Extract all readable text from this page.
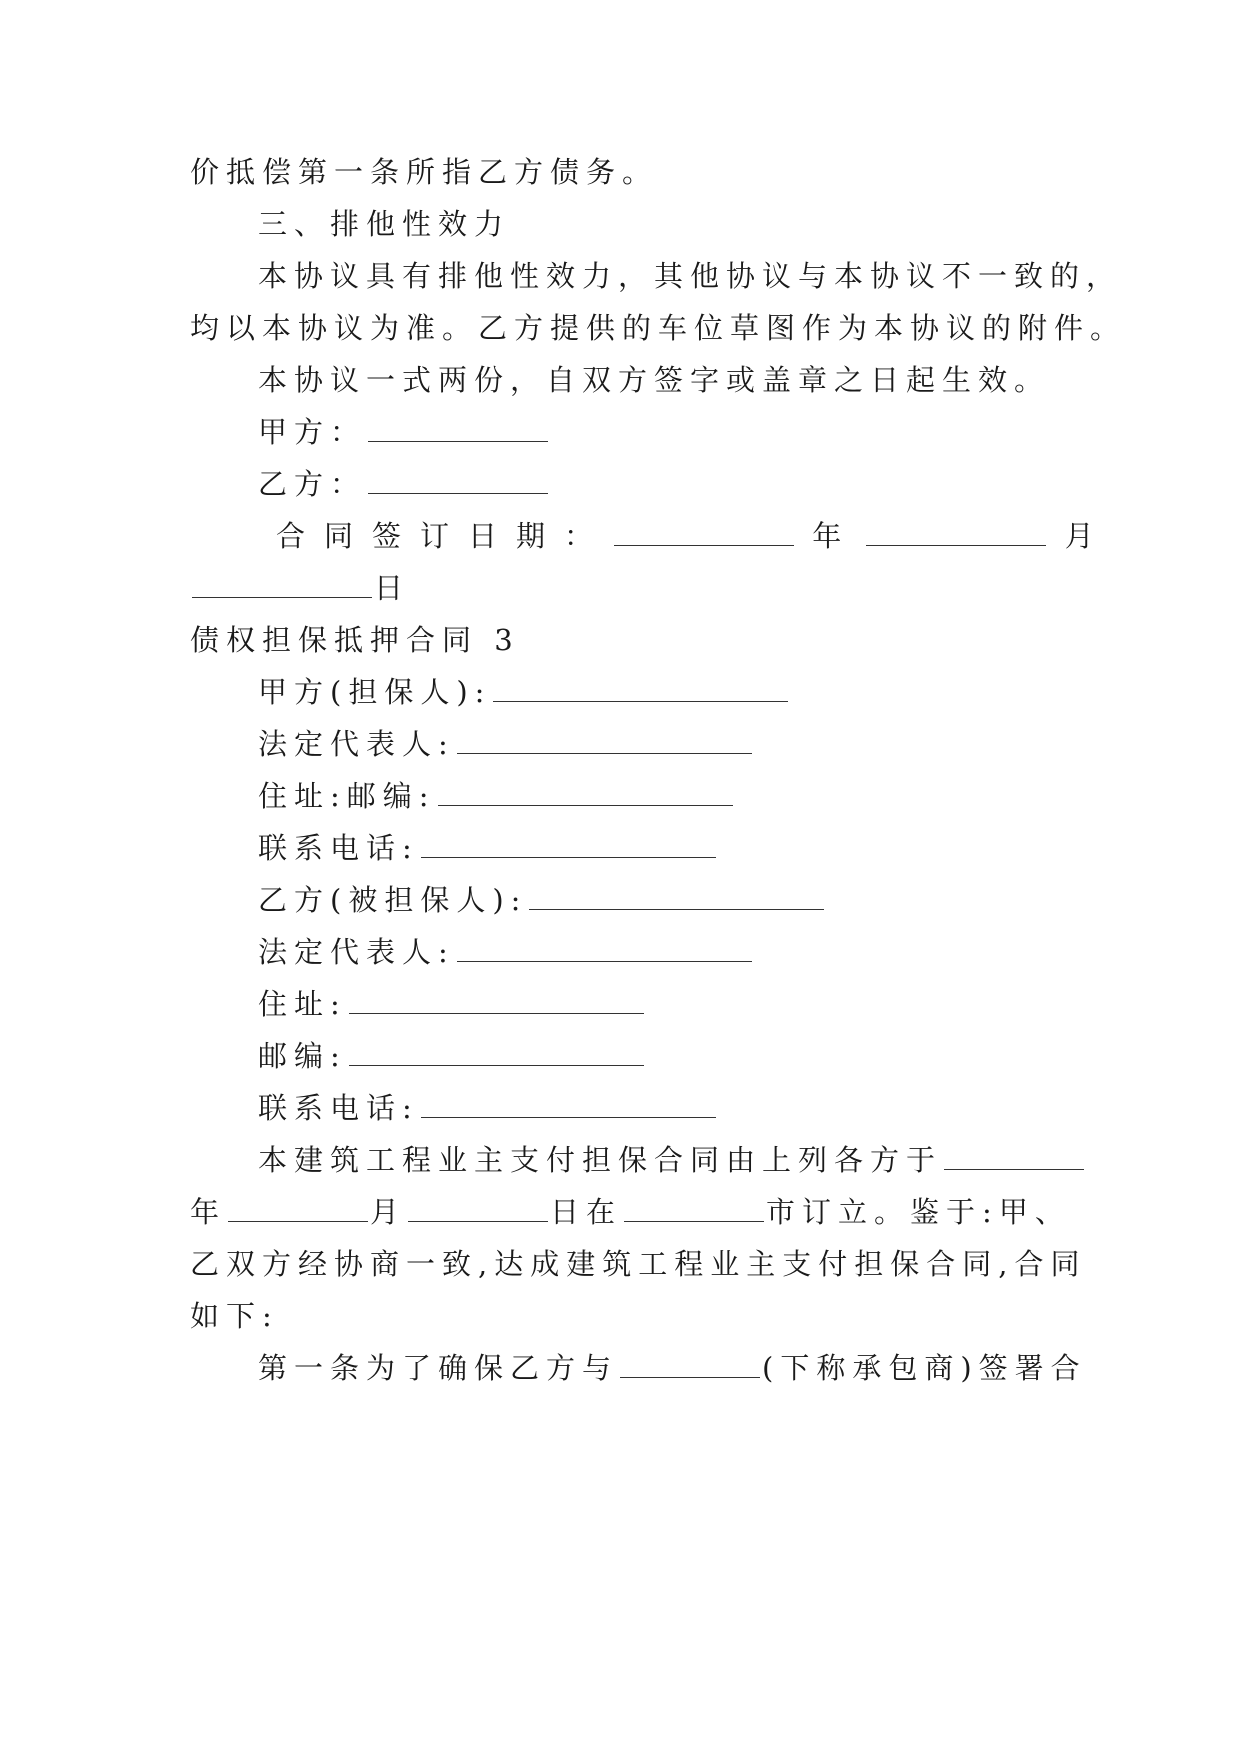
价抵偿第一条所指乙方债务。
三、排他性效力
本协议具有排他性效力，其他协议与本协议不一致的，
均以本协议为准。乙方提供的车位草图作为本协议的附件。
本协议一式两份，自双方签字或盖章之日起生效。
甲方：
乙方：
合同签订日期：	年	月
日
债权担保抵押合同 3
甲方(担保人):
法定代表人:
住址:邮编:
联系电话:
乙方(被担保人):
法定代表人:
住址:
邮编:
联系电话:
本建筑工程业主支付担保合同由上列各方于
年	月	日在	市订立。鉴于:甲、
乙双方经协商一致,达成建筑工程业主支付担保合同,合同
如下:
第一条为了确保乙方与	(下称承包商)签署合
